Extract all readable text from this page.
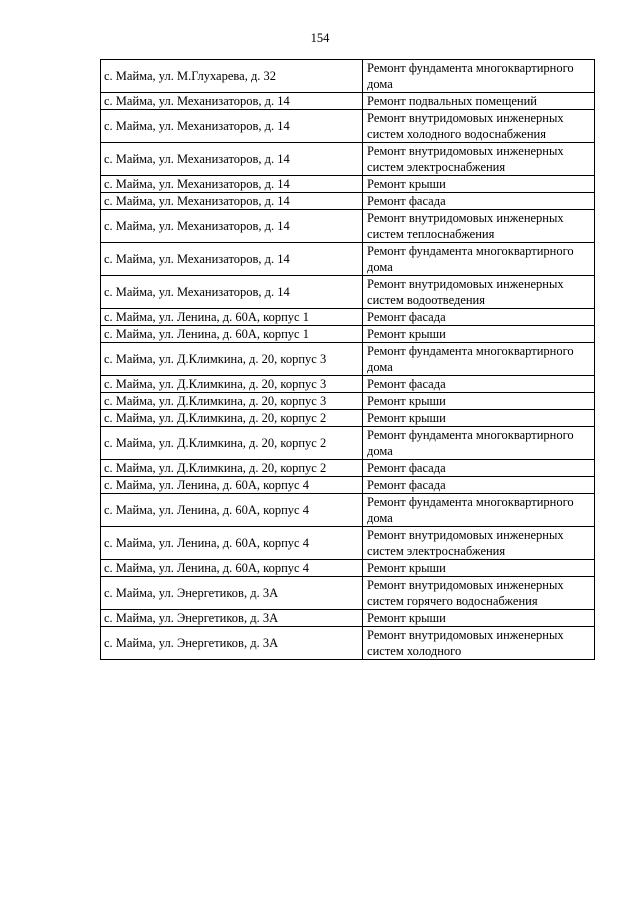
154
с. Майма, ул. М.Глухарева, д. 32	Ремонт фундамента многоквартирного дома
с. Майма, ул. Механизаторов, д. 14	Ремонт подвальных помещений
с. Майма, ул. Механизаторов, д. 14	Ремонт внутридомовых инженерных систем холодного водоснабжения
с. Майма, ул. Механизаторов, д. 14	Ремонт внутридомовых инженерных систем электроснабжения
с. Майма, ул. Механизаторов, д. 14	Ремонт крыши
с. Майма, ул. Механизаторов, д. 14	Ремонт фасада
с. Майма, ул. Механизаторов, д. 14	Ремонт внутридомовых инженерных систем теплоснабжения
с. Майма, ул. Механизаторов, д. 14	Ремонт фундамента многоквартирного дома
с. Майма, ул. Механизаторов, д. 14	Ремонт внутридомовых инженерных систем водоотведения
с. Майма, ул. Ленина, д. 60А, корпус 1	Ремонт фасада
с. Майма, ул. Ленина, д. 60А, корпус 1	Ремонт крыши
с. Майма, ул. Д.Климкина, д. 20, корпус 3	Ремонт фундамента многоквартирного дома
с. Майма, ул. Д.Климкина, д. 20, корпус 3	Ремонт фасада
с. Майма, ул. Д.Климкина, д. 20, корпус 3	Ремонт крыши
с. Майма, ул. Д.Климкина, д. 20, корпус 2	Ремонт крыши
с. Майма, ул. Д.Климкина, д. 20, корпус 2	Ремонт фундамента многоквартирного дома
с. Майма, ул. Д.Климкина, д. 20, корпус 2	Ремонт фасада
с. Майма, ул. Ленина, д. 60А, корпус 4	Ремонт фасада
с. Майма, ул. Ленина, д. 60А, корпус 4	Ремонт фундамента многоквартирного дома
с. Майма, ул. Ленина, д. 60А, корпус 4	Ремонт внутридомовых инженерных систем электроснабжения
с. Майма, ул. Ленина, д. 60А, корпус 4	Ремонт крыши
с. Майма, ул. Энергетиков, д. 3А	Ремонт внутридомовых инженерных систем горячего водоснабжения
с. Майма, ул. Энергетиков, д. 3А	Ремонт крыши
с. Майма, ул. Энергетиков, д. 3А	Ремонт внутридомовых инженерных систем холодного
